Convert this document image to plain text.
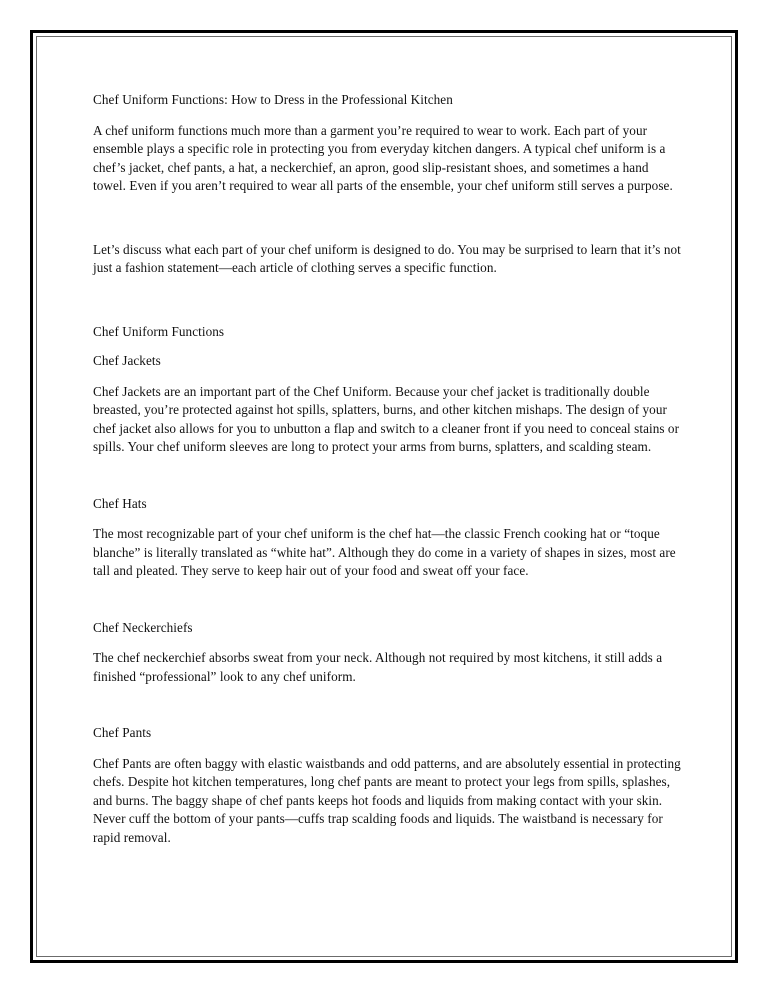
Chef Uniform Functions: How to Dress in the Professional Kitchen

A chef uniform functions much more than a garment you’re required to wear to work. Each part of your ensemble plays a specific role in protecting you from everyday kitchen dangers. A typical chef uniform is a chef’s jacket, chef pants, a hat, a neckerchief, an apron, good slip-resistant shoes, and sometimes a hand towel. Even if you aren’t required to wear all parts of the ensemble, your chef uniform still serves a purpose.

Let’s discuss what each part of your chef uniform is designed to do. You may be surprised to learn that it’s not just a fashion statement—each article of clothing serves a specific function.

Chef Uniform Functions

Chef Jackets

Chef Jackets are an important part of the Chef Uniform. Because your chef jacket is traditionally double breasted, you’re protected against hot spills, splatters, burns, and other kitchen mishaps. The design of your chef jacket also allows for you to unbutton a flap and switch to a cleaner front if you need to conceal stains or spills. Your chef uniform sleeves are long to protect your arms from burns, splatters, and scalding steam.

Chef Hats

The most recognizable part of your chef uniform is the chef hat—the classic French cooking hat or “toque blanche” is literally translated as “white hat”. Although they do come in a variety of shapes in sizes, most are tall and pleated. They serve to keep hair out of your food and sweat off your face.

Chef Neckerchiefs

The chef neckerchief absorbs sweat from your neck. Although not required by most kitchens, it still adds a finished “professional” look to any chef uniform.

Chef Pants

Chef Pants are often baggy with elastic waistbands and odd patterns, and are absolutely essential in protecting chefs. Despite hot kitchen temperatures, long chef pants are meant to protect your legs from spills, splashes, and burns. The baggy shape of chef pants keeps hot foods and liquids from making contact with your skin. Never cuff the bottom of your pants—cuffs trap scalding foods and liquids. The waistband is necessary for rapid removal.
